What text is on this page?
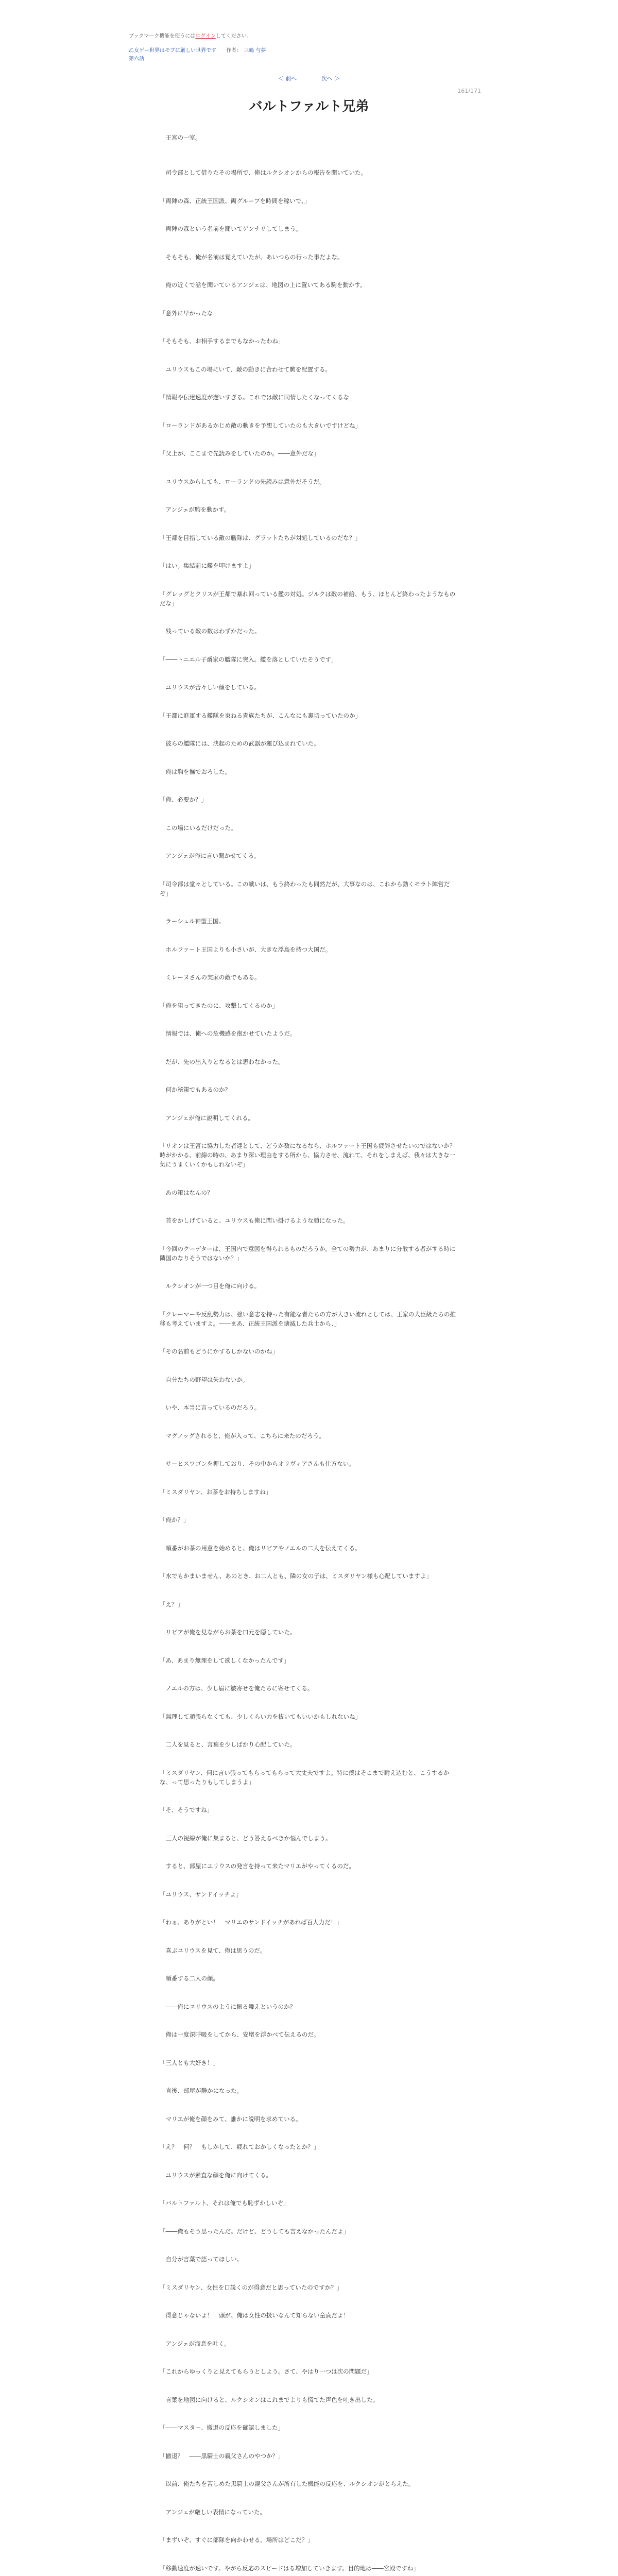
ブックマーク機能を使うにはログインしてください。
乙女ゲー世界はモブに厳しい世界です 作者： 三嶋 与夢
第六話
＜ 前へ	次へ ＞
161/171
バルトファルト兄弟

　王宮の一室。

　司令部として借りたその場所で、俺はルクシオンからの報告を聞いていた。

「両陣の森、正統王国派、両グループを時間を稼いで、」

　両陣の森という名前を聞いてゲンナリしてしまう。

　そもそも、俺が名前は覚えていたが、あいつらの行った事だよな。

　俺の近くで話を聞いているアンジェは、地図の上に置いてある駒を動かす。

「意外に早かったな」

「そもそも、お相手するまでもなかったわね」

　ユリウスもこの場にいて、敵の動きに合わせて駒を配置する。

「情報や伝達速度が遅いすぎる。これでは敵に同情したくなってくるな」

「ローランドがあるかじめ敵の動きを予想していたのも大きいですけどね」

「父上が、ここまで先読みをしていたのか。――意外だな」

　ユリウスからしても、ローランドの先読みは意外だそうだ。

　アンジェが駒を動かす。

「王都を目指している敵の艦隊は、グラットたちが対処しているのだな？」

「はい。集結前に艦を叩けますよ」

「グレッグとクリスが王都で暴れ回っている艦の対処。ジルクは敵の補給、もう、ほとんど終わったようなものだな」

　残っている敵の数はわずかだった。

「――トニエル子爵家の艦隊に突入。艦を落としていたそうです」

　ユリウスが苦々しい顔をしている。

「王都に進軍する艦隊を束ねる貴族たちが、こんなにも裏切っていたのか」

　彼らの艦隊には、決起のための武器が運び込まれていた。

　俺は胸を撫でおろした。

「俺、必要か？」

　この場にいるだけだった。

　アンジェが俺に言い聞かせてくる。

「司令部は堂々としている。この戦いは、もう終わったも同然だが、大事なのは、これから動くモラト陣営だぞ」

　ラーシェル神聖王国。

　ホルファート王国よりも小さいが、大きな浮島を持つ大国だ。

　ミレーヌさんの実家の敵でもある。

「俺を狙ってきたのに、攻撃してくるのか」

　情報では、俺への危機感を抱かせていたようだ。

　だが、先の出入りとなるとは思わなかった。

　何か秘策でもあるのか？

　アンジェが俺に説明してくれる。

「リオンは王宮に協力した者達として、どうか数になるなら、ホルファート王国も疲弊させたいのではないか？　時がかかる、前線の時の、あまり深い理由をする所から、協力させ、流れて、それをしまえば、我々は大きな一気にうまくいくかもしれないぞ」

　あの策はなんの？

　首をかしげていると、ユリウスも俺に問い掛けるような顔になった。

「今回のクーデターは、王国内で意図を得られるものだろうか。全ての勢力が、あまりに分散する者がする時に隣国のなりそうではないか？」

　ルクシオンが一つ目を俺に向ける。

「クレーマーや反乱勢力は、強い意志を持った有能な者たちの方が大きい流れとしては、王家の大臣級たちの推移も考えていますよ。――まあ、正統王国派を壊滅した兵士から、」

「その名前もどうにかするしかないのかね」

　自分たちの野望は失わないか。

　いや、本当に言っているのだろう。

　マグノッグされると、俺が入って、こちらに来たのだろう。

　サーヒスワゴンを押しており、その中からオリヴィアさんも仕方ない。

「ミスダリヤン、お茶をお持ちしますね」

「俺か？」

　順番がお茶の用意を始めると、俺はリビアやノエルの二人を伝えてくる。

「水でもかまいません、あのとき、お二人とも、隣の女の子は、ミスダリヤン様も心配していますよ」

「え？」

　リビアが俺を見ながらお茶を口元を隠していた。

「あ、あまり無理をして欲しくなかったんです」

　ノエルの方は、少し眉に皺寄せを俺たちに寄せてくる。

「無理して頑張らなくても、少しくらい力を抜いてもいいかもしれないね」

　二人を見ると、言葉を少しばかり心配していた。

「ミスダリヤン、何に言い張ってもらってもらって大丈夫ですよ。特に僕はそこまで耐え込むと、こうするかな、って思ったりもしてしまうよ」

「そ、そうですね」

　三人の視線が俺に集まると、どう答えるべきか悩んでしまう。

　すると、部屋にユリウスの発言を持って来たマリエがやってくるのだ。

「ユリウス、サンドイッチよ」

「わぁ、ありがとい！　マリエのサンドイッチがあれば百人力だ！」

　喜ぶユリウスを見て、俺は思うのだ。

　順番する二人の顔。

　――俺にユリウスのように振る舞えというのか？

　俺は一度深呼吸をしてから、安堵を浮かべて伝えるのだ。

「三人とも大好き！」

　直後、部屋が静かになった。

　マリエが俺を顔をみて、誰かに説明を求めている。

「え？　何？　もしかして、疲れておかしくなったとか？」

　ユリウスが素直な顔を俺に向けてくる。

「バルトファルト、それは俺でも恥ずかしいぞ」

「――俺もそう思ったんだ。だけど、どうしても言えなかったんだよ」

　自分が言葉で語ってほしい。

「ミスダリヤン、女性を口説くのが得意だと思っていたのですか？」

　得意じゃないよ！　頭が、俺は女性の扱いなんて知らない童貞だよ！

　アンジェが溜息を吐く。

「これからゆっくりと見えてもらうとしよう。さて、やはり一つは次の問題だ」

　言葉を地図に向けると、ルクシオンはこれまでよりも慌てた声色を吐き出した。

「――マスター、撤退の反応を確認しました」

「撤退？　――黒騎士の親父さんのやつか？」

　以前、俺たちを苦しめた黒騎士の親父さんが所有した機能の反応を、ルクシオンがとらえた。

　アンジェが厳しい表情になっていた。

「まずいぞ、すぐに部隊を向かわせる。場所はどこだ？」

「移動速度が速いです。やがら反応のスピードはる増加していきます。目的地は――宮殿ですね」
